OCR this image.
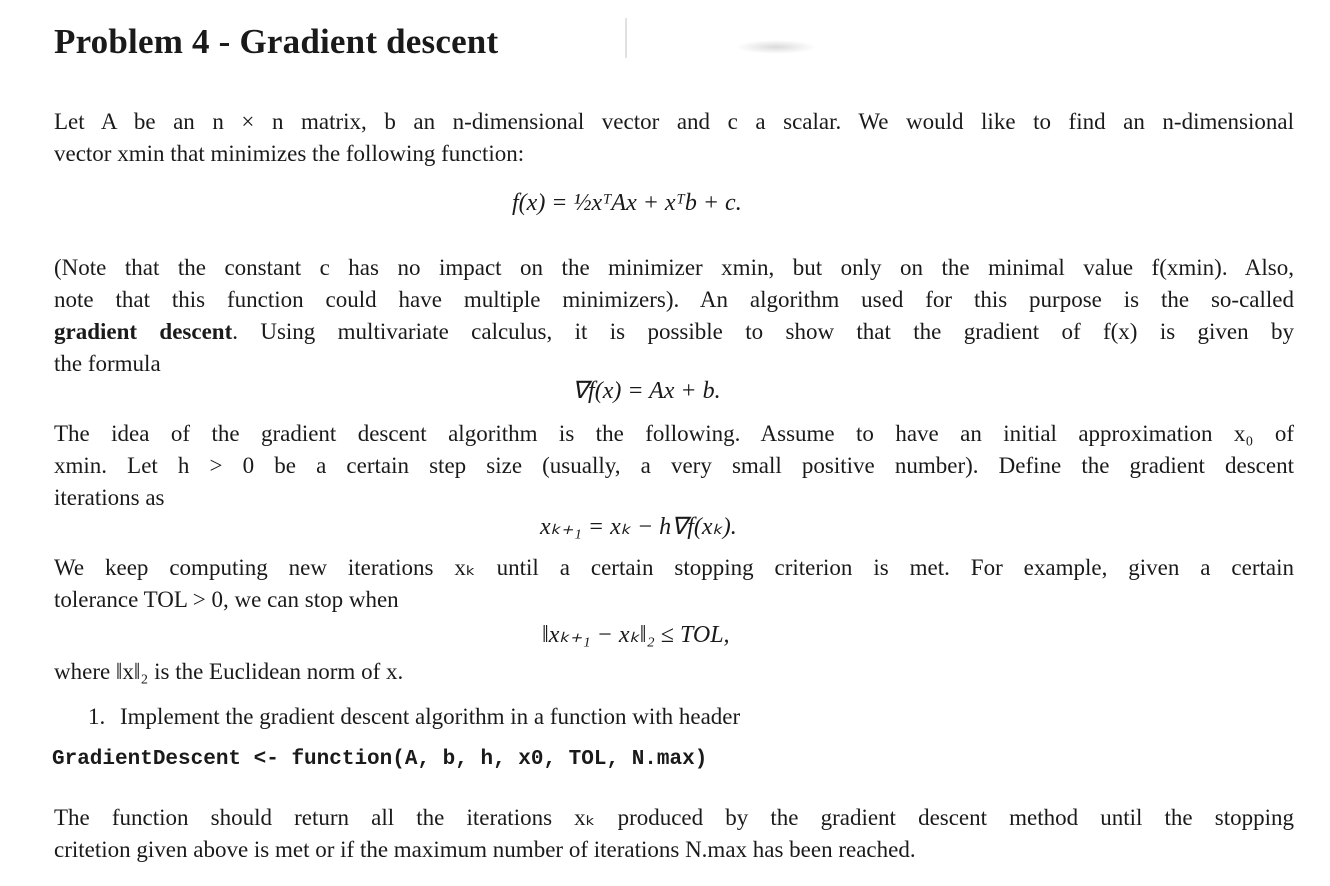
Problem 4 - Gradient descent
Let A be an n × n matrix, b an n-dimensional vector and c a scalar. We would like to find an n-dimensional
vector xmin that minimizes the following function:
f(x) = ½xᵀAx + xᵀb + c.
(Note that the constant c has no impact on the minimizer xmin, but only on the minimal value f(xmin). Also,
note that this function could have multiple minimizers). An algorithm used for this purpose is the so-called
gradient descent. Using multivariate calculus, it is possible to show that the gradient of f(x) is given by
the formula
∇f(x) = Ax + b.
The idea of the gradient descent algorithm is the following. Assume to have an initial approximation x₀ of
xmin. Let h > 0 be a certain step size (usually, a very small positive number). Define the gradient descent
iterations as
xₖ₊₁ = xₖ − h∇f(xₖ).
We keep computing new iterations xₖ until a certain stopping criterion is met. For example, given a certain
tolerance TOL > 0, we can stop when
‖xₖ₊₁ − xₖ‖₂ ≤ TOL,
where ‖x‖₂ is the Euclidean norm of x.
1. Implement the gradient descent algorithm in a function with header
GradientDescent <- function(A, b, h, x0, TOL, N.max)
The function should return all the iterations xₖ produced by the gradient descent method until the stopping
critetion given above is met or if the maximum number of iterations N.max has been reached.
